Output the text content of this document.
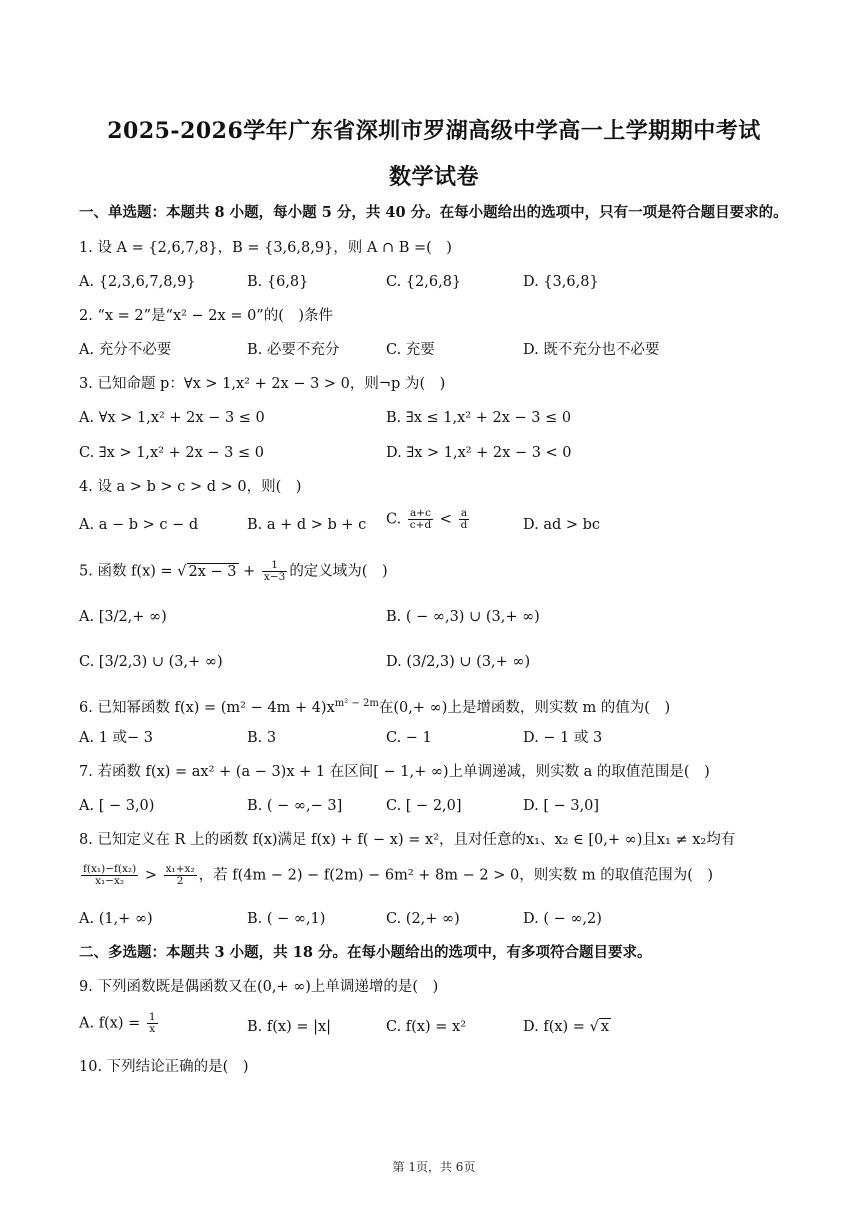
2025-2026学年广东省深圳市罗湖高级中学高一上学期期中考试
数学试卷
一、单选题：本题共 8 小题，每小题 5 分，共 40 分。在每小题给出的选项中，只有一项是符合题目要求的。
1. 设 A = {2,6,7,8}，B = {3,6,8,9}，则 A ∩ B =(　)
A. {2,3,6,7,8,9}	B. {6,8}	C. {2,6,8}	D. {3,6,8}
2. “x = 2”是“x² − 2x = 0”的(　)条件
A. 充分不必要	B. 必要不充分	C. 充要	D. 既不充分也不必要
3. 已知命题 p：∀x > 1,x² + 2x − 3 > 0，则¬p 为(　)
A. ∀x > 1,x² + 2x − 3 ≤ 0	B. ∃x ≤ 1,x² + 2x − 3 ≤ 0
C. ∃x > 1,x² + 2x − 3 ≤ 0	D. ∃x > 1,x² + 2x − 3 < 0
4. 设 a > b > c > d > 0，则(　)
A. a − b > c − d	B. a + d > b + c C. $\frac{a+c}{c+d} < \frac{a}{d}$	D. ad > bc
5. 函数 f(x) = √ $2x - 3 + \frac{1}{x-3}$ 的定义域为(　)
A. [3/2,+ ∞)	B. ( − ∞,3) ∪ (3,+ ∞)
C. [3/2,3) ∪ (3,+ ∞)	D. (3/2,3) ∪ (3,+ ∞)
6. 已知幂函数 $f(x) = (m^2 - 4m + 4)x^{m^2 - 2m}$在(0,+ ∞)上是增函数，则实数 m 的值为(　)
A. 1 或− 3	B. 3	C. − 1	D. − 1 或 3
7. 若函数 f(x) = ax² + (a − 3)x + 1 在区间[ − 1,+ ∞)上单调递减，则实数 a 的取值范围是(　)
A. [ − 3,0)	B. ( − ∞,− 3]	C. [ − 2,0]	D. [ − 3,0]
8. 已知定义在 R 上的函数 f(x)满足 f(x) + f( − x) = x²，且对任意的x₁、x₂ ∈ [0,+ ∞)且x₁ ≠ x₂均有
$\frac{\text{f(x₁)−f(x₂)}}{\text{x₁−x₂}} > \frac{\text{x₁+x₂}}{2}$ ，若 f(4m − 2) − f(2m) − 6m² + 8m − 2 > 0，则实数 m 的取值范围为(　)
A. (1,+ ∞)	B. ( − ∞,1)	C. (2,+ ∞)	D. ( − ∞,2)
二、多选题：本题共 3 小题，共 18 分。在每小题给出的选项中，有多项符合题目要求。
9. 下列函数既是偶函数又在(0,+ ∞)上单调递增的是(　)
A. $f(x) = \frac{1}{x}$	B. f(x) = |x|	C. f(x) = x²	D. f(x) = √ x
10. 下列结论正确的是(　)
第 1页，共 6页
